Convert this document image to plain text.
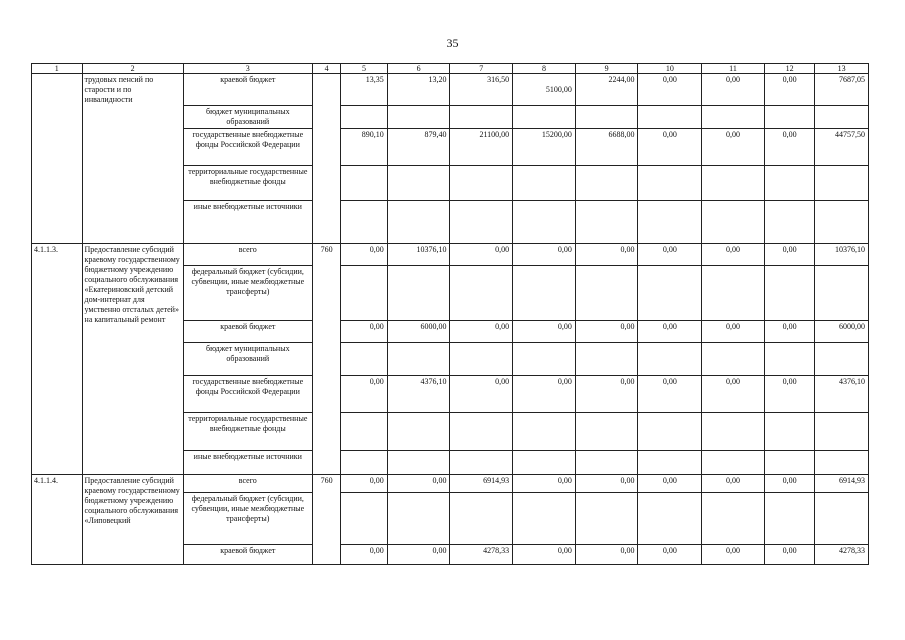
35
1	2	3	4	5	6	7	8	9	10	11	12	13
	трудовых пенсий по старости и по инвалидности	краевой бюджет		13,35	13,20	316,50	5100,00	2244,00	0,00	0,00	0,00	7687,05
		бюджет муниципальных образований										
		государственные внебюджетные фонды Российской Федерации		890,10	879,40	21100,00	15200,00	6688,00	0,00	0,00	0,00	44757,50
		территориальные государственные внебюджетные фонды										
		иные внебюджетные источники										
4.1.1.3.	Предоставление субсидий краевому государственному бюджетному учреждению социального обслуживания «Екатериновский детский дом-интернат для умственно отсталых детей» на капитальный ремонт	всего	760	0,00	10376,10	0,00	0,00	0,00	0,00	0,00	0,00	10376,10
		федеральный бюджет (субсидии, субвенции, иные межбюджетные трансферты)										
		краевой бюджет		0,00	6000,00	0,00	0,00	0,00	0,00	0,00	0,00	6000,00
		бюджет муниципальных образований										
		государственные внебюджетные фонды Российской Федерации		0,00	4376,10	0,00	0,00	0,00	0,00	0,00	0,00	4376,10
		территориальные государственные внебюджетные фонды										
		иные внебюджетные источники										
4.1.1.4.	Предоставление субсидий краевому государственному бюджетному учреждению социального обслуживания «Липовецкий	всего	760	0,00	0,00	6914,93	0,00	0,00	0,00	0,00	0,00	6914,93
		федеральный бюджет (субсидии, субвенции, иные межбюджетные трансферты)										
		краевой бюджет		0,00	0,00	4278,33	0,00	0,00	0,00	0,00	0,00	4278,33
